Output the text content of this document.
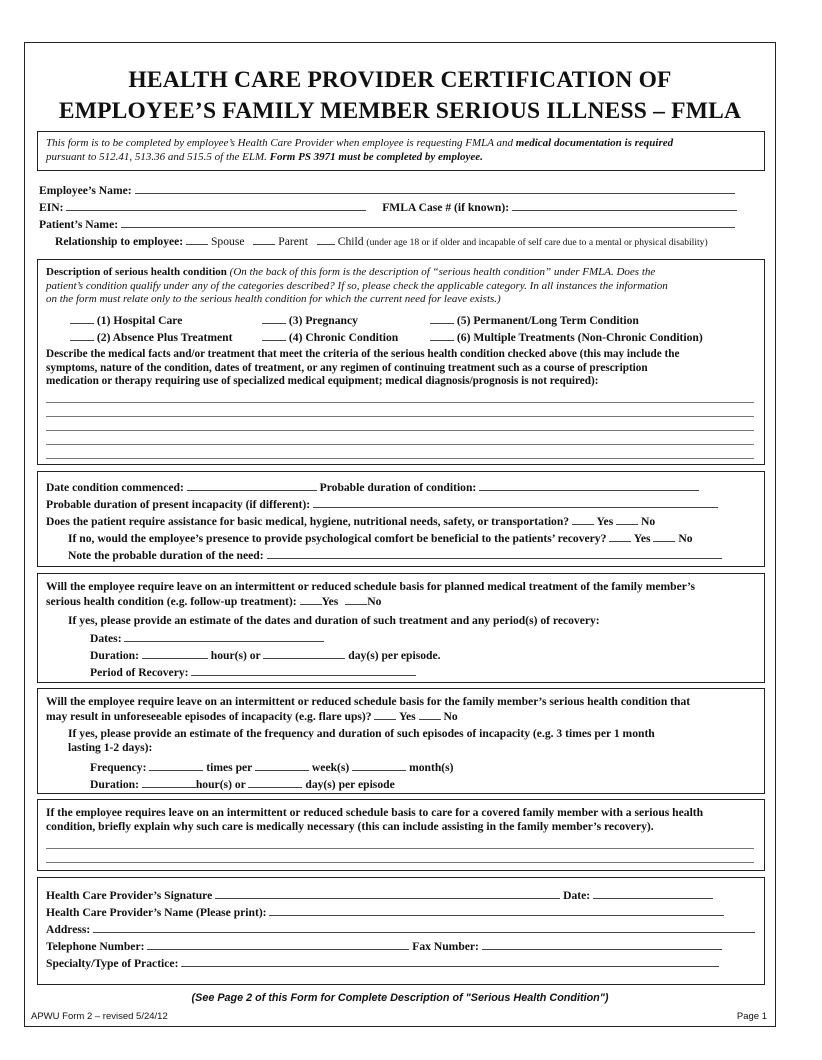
HEALTH CARE PROVIDER CERTIFICATION OF
EMPLOYEE’S FAMILY MEMBER SERIOUS ILLNESS – FMLA
This form is to be completed by employee’s Health Care Provider when employee is requesting FMLA and medical documentation is required
pursuant to 512.41, 513.36 and 515.5 of the ELM. Form PS 3971 must be completed by employee.
Employee’s Name:
EIN:	FMLA Case # (if known):
Patient’s Name:
Relationship to employee: Spouse	Parent	Child (under age 18 or if older and incapable of self care due to a mental or physical disability)
Description of serious health condition (On the back of this form is the description of “serious health condition” under FMLA. Does the
patient’s condition qualify under any of the categories described? If so, please check the applicable category. In all instances the information
on the form must relate only to the serious health condition for which the current need for leave exists.)
(1) Hospital Care	(3) Pregnancy	(5) Permanent/Long Term Condition
(2) Absence Plus Treatment	(4) Chronic Condition	(6) Multiple Treatments (Non-Chronic Condition)
Describe the medical facts and/or treatment that meet the criteria of the serious health condition checked above (this may include the
symptoms, nature of the condition, dates of treatment, or any regimen of continuing treatment such as a course of prescription
medication or therapy requiring use of specialized medical equipment; medical diagnosis/prognosis is not required):
Date condition commenced:	Probable duration of condition:
Probable duration of present incapacity (if different):
Does the patient require assistance for basic medical, hygiene, nutritional needs, safety, or transportation? Yes No
If no, would the employee’s presence to provide psychological comfort be beneficial to the patients’ recovery? Yes No
Note the probable duration of the need:
Will the employee require leave on an intermittent or reduced schedule basis for planned medical treatment of the family member’s
serious health condition (e.g. follow-up treatment): Yes No
If yes, please provide an estimate of the dates and duration of such treatment and any period(s) of recovery:
Dates:
Duration:	hour(s) or	day(s) per episode.
Period of Recovery:
Will the employee require leave on an intermittent or reduced schedule basis for the family member’s serious health condition that
may result in unforeseeable episodes of incapacity (e.g. flare ups)? Yes No
If yes, please provide an estimate of the frequency and duration of such episodes of incapacity (e.g. 3 times per 1 month
lasting 1-2 days):
Frequency:	times per	week(s)	month(s)
Duration:	hour(s) or	day(s) per episode
If the employee requires leave on an intermittent or reduced schedule basis to care for a covered family member with a serious health
condition, briefly explain why such care is medically necessary (this can include assisting in the family member’s recovery).
Health Care Provider’s Signature	Date:
Health Care Provider’s Name (Please print):
Address:
Telephone Number:	Fax Number:
Specialty/Type of Practice:
(See Page 2 of this Form for Complete Description of "Serious Health Condition")
APWU Form 2 – revised 5/24/12	Page 1
